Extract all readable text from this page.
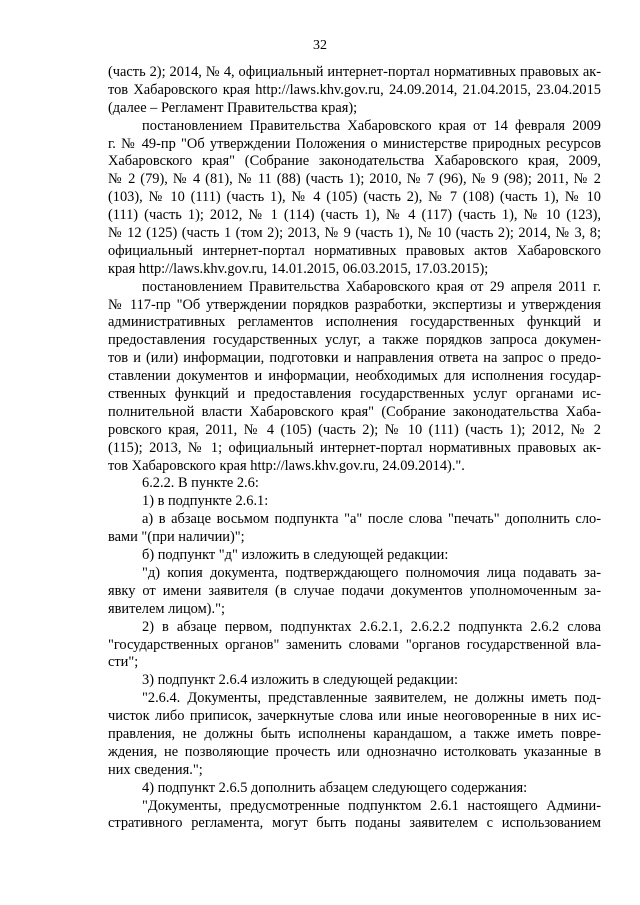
32
(часть 2); 2014, № 4, официальный интернет-портал нормативных правовых ак-
тов Хабаровского края http://laws.khv.gov.ru, 24.09.2014, 21.04.2015, 23.04.2015
(далее – Регламент Правительства края);
постановлением Правительства Хабаровского края от 14 февраля 2009
г. № 49-пр "Об утверждении Положения о министерстве природных ресурсов
Хабаровского края" (Собрание законодательства Хабаровского края, 2009,
№ 2 (79), № 4 (81), № 11 (88) (часть 1); 2010, № 7 (96), № 9 (98); 2011, № 2
(103), № 10 (111) (часть 1), № 4 (105) (часть 2), № 7 (108) (часть 1), № 10
(111) (часть 1); 2012, № 1 (114) (часть 1), № 4 (117) (часть 1), № 10 (123),
№ 12 (125) (часть 1 (том 2); 2013, № 9 (часть 1), № 10 (часть 2); 2014, № 3, 8;
официальный интернет-портал нормативных правовых актов Хабаровского
края http://laws.khv.gov.ru, 14.01.2015, 06.03.2015, 17.03.2015);
постановлением Правительства Хабаровского края от 29 апреля 2011 г.
№ 117-пр "Об утверждении порядков разработки, экспертизы и утверждения
административных регламентов исполнения государственных функций и
предоставления государственных услуг, а также порядков запроса докумен-
тов и (или) информации, подготовки и направления ответа на запрос о предо-
ставлении документов и информации, необходимых для исполнения государ-
ственных функций и предоставления государственных услуг органами ис-
полнительной власти Хабаровского края" (Собрание законодательства Хаба-
ровского края, 2011, № 4 (105) (часть 2); № 10 (111) (часть 1); 2012, № 2
(115); 2013, № 1; официальный интернет-портал нормативных правовых ак-
тов Хабаровского края http://laws.khv.gov.ru, 24.09.2014).".
6.2.2. В пункте 2.6:
1) в подпункте 2.6.1:
а) в абзаце восьмом подпункта "а" после слова "печать" дополнить сло-
вами "(при наличии)";
б) подпункт "д" изложить в следующей редакции:
"д) копия документа, подтверждающего полномочия лица подавать за-
явку от имени заявителя (в случае подачи документов уполномоченным за-
явителем лицом).";
2) в абзаце первом, подпунктах 2.6.2.1, 2.6.2.2 подпункта 2.6.2 слова
"государственных органов" заменить словами "органов государственной вла-
сти";
3) подпункт 2.6.4 изложить в следующей редакции:
"2.6.4. Документы, представленные заявителем, не должны иметь под-
чисток либо приписок, зачеркнутые слова или иные неоговоренные в них ис-
правления, не должны быть исполнены карандашом, а также иметь повре-
ждения, не позволяющие прочесть или однозначно истолковать указанные в
них сведения.";
4) подпункт 2.6.5 дополнить абзацем следующего содержания:
"Документы, предусмотренные подпунктом 2.6.1 настоящего Админи-
стративного регламента, могут быть поданы заявителем с использованием
